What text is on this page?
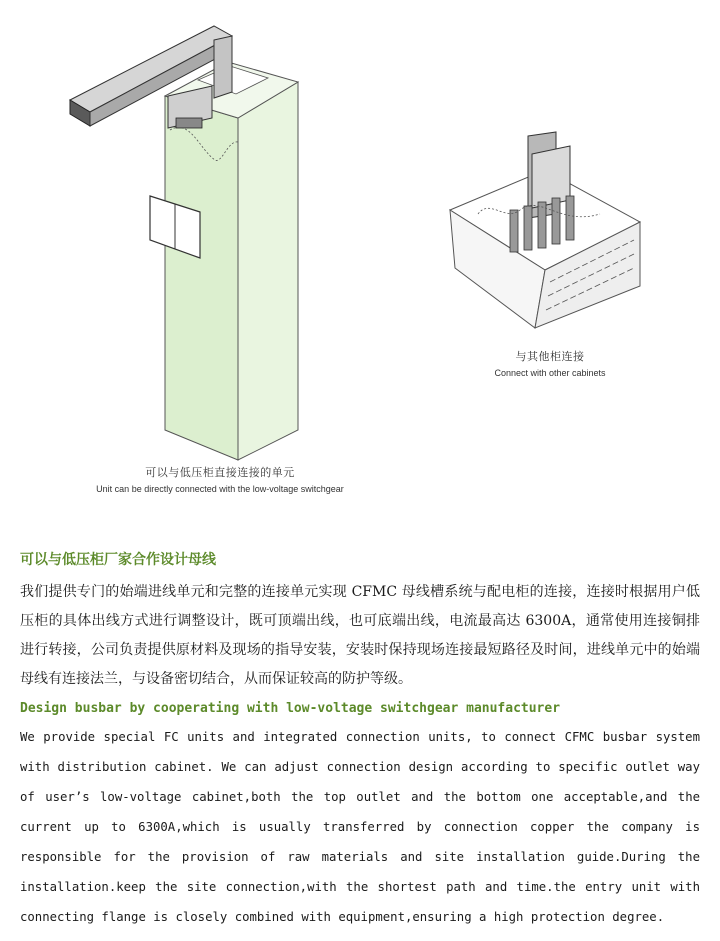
可以与低压柜直接连接的单元
Unit can be directly connected with the low-voltage switchgear
与其他柜连接
Connect with other cabinets
可以与低压柜厂家合作设计母线

我们提供专门的始端进线单元和完整的连接单元实现 CFMC 母线槽系统与配电柜的连接，连接时根据用户低压柜的具体出线方式进行调整设计，既可顶端出线，也可底端出线，电流最高达 6300A，通常使用连接铜排进行转接，公司负责提供原材料及现场的指导安装，安装时保持现场连接最短路径及时间，进线单元中的始端母线有连接法兰，与设备密切结合，从而保证较高的防护等级。

Design busbar by cooperating with low-voltage switchgear manufacturer

We provide special FC units and integrated connection units, to connect CFMC busbar system with distribution cabinet. We can adjust connection design according to specific outlet way of user’s low-voltage cabinet,both the top outlet and the bottom one acceptable,and the current up to 6300A,which is usually transferred by connection copper the company is responsible for the provision of raw materials and site installation guide.During the installation.keep the site connection,with the shortest path and time.the entry unit with connecting flange is closely combined with equipment,ensuring a high protection degree.
